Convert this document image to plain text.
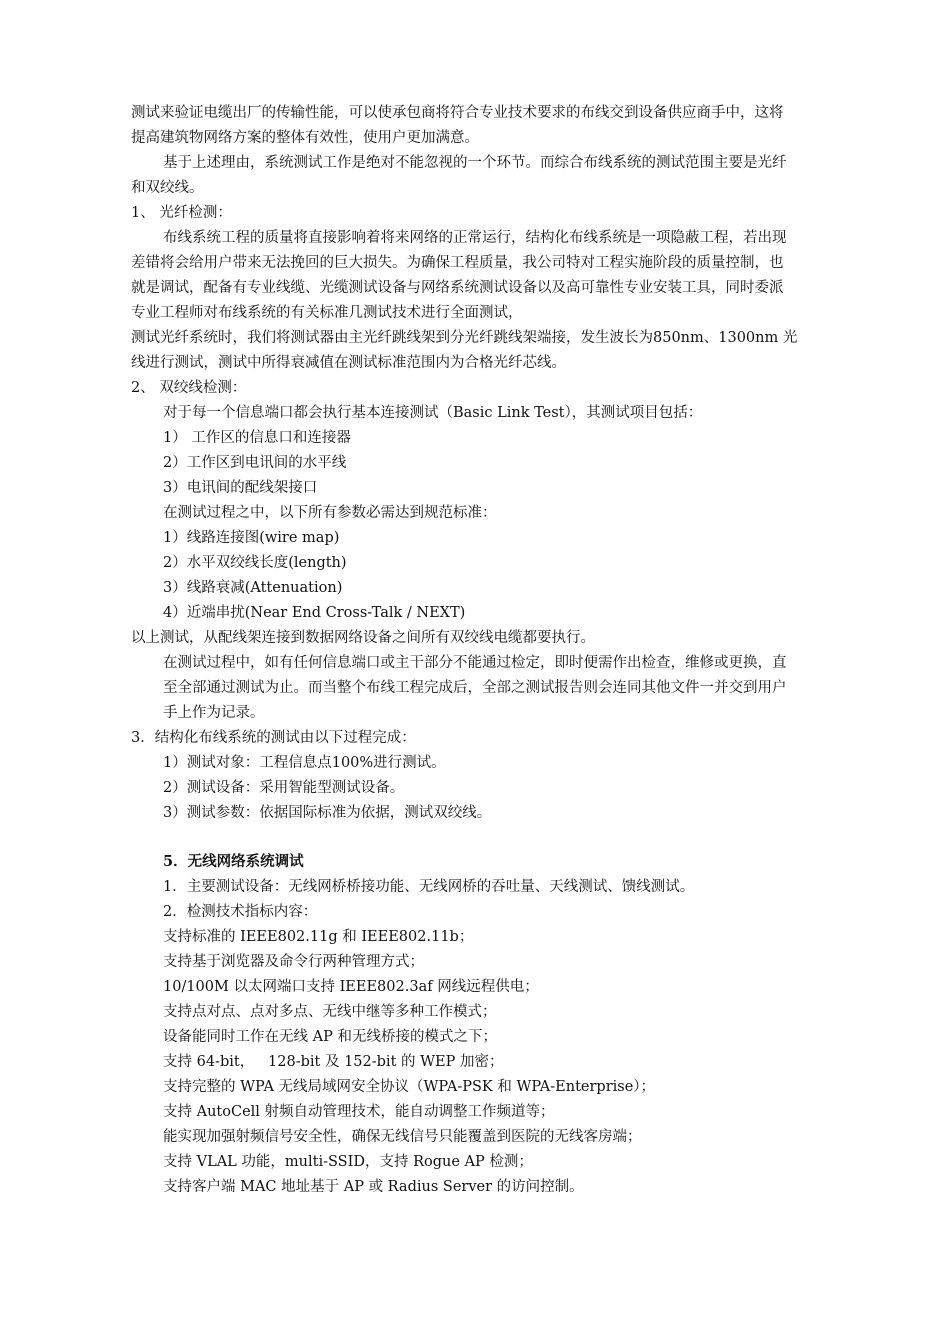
测试来验证电缆出厂的传输性能，可以使承包商将符合专业技术要求的布线交到设备供应商手中，这将
提高建筑物网络方案的整体有效性，使用户更加满意。
基于上述理由，系统测试工作是绝对不能忽视的一个环节。而综合布线系统的测试范围主要是光纤
和双绞线。
1、 光纤检测：
布线系统工程的质量将直接影响着将来网络的正常运行，结构化布线系统是一项隐蔽工程，若出现
差错将会给用户带来无法挽回的巨大损失。为确保工程质量，我公司特对工程实施阶段的质量控制，也
就是调试，配备有专业线缆、光缆测试设备与网络系统测试设备以及高可靠性专业安装工具，同时委派
专业工程师对布线系统的有关标准几测试技术进行全面测试，
测试光纤系统时，我们将测试器由主光纤跳线架到分光纤跳线架端接，发生波长为850nm、1300nm 光
线进行测试，测试中所得衰减值在测试标准范围内为合格光纤芯线。
2、 双绞线检测：
对于每一个信息端口都会执行基本连接测试（Basic Link Test），其测试项目包括：
1） 工作区的信息口和连接器
2）工作区到电讯间的水平线
3）电讯间的配线架接口
在测试过程之中，以下所有参数必需达到规范标准：
1）线路连接图(wire map)
2）水平双绞线长度(length)
3）线路衰减(Attenuation)
4）近端串扰(Near End Cross-Talk / NEXT)
以上测试，从配线架连接到数据网络设备之间所有双绞线电缆都要执行。
在测试过程中，如有任何信息端口或主干部分不能通过检定，即时便需作出检查，维修或更换，直
至全部通过测试为止。而当整个布线工程完成后，全部之测试报告则会连同其他文件一并交到用户
手上作为记录。
3．结构化布线系统的测试由以下过程完成：
1）测试对象：工程信息点100%进行测试。
2）测试设备：采用智能型测试设备。
3）测试参数：依据国际标准为依据，测试双绞线。
5．无线网络系统调试
1．主要测试设备：无线网桥桥接功能、无线网桥的吞吐量、天线测试、馈线测试。
2．检测技术指标内容：
支持标准的 IEEE802.11g 和 IEEE802.11b；
支持基于浏览器及命令行两种管理方式；
10/100M 以太网端口支持 IEEE802.3af 网线远程供电；
支持点对点、点对多点、无线中继等多种工作模式；
设备能同时工作在无线 AP 和无线桥接的模式之下；
支持 64-bit，   128-bit 及 152-bit 的 WEP 加密；
支持完整的 WPA 无线局域网安全协议（WPA-PSK 和 WPA-Enterprise）；
支持 AutoCell 射频自动管理技术，能自动调整工作频道等；
能实现加强射频信号安全性，确保无线信号只能覆盖到医院的无线客房端；
支持 VLAL 功能，multi-SSID，支持 Rogue AP 检测；
支持客户端 MAC 地址基于 AP 或 Radius Server 的访问控制。
